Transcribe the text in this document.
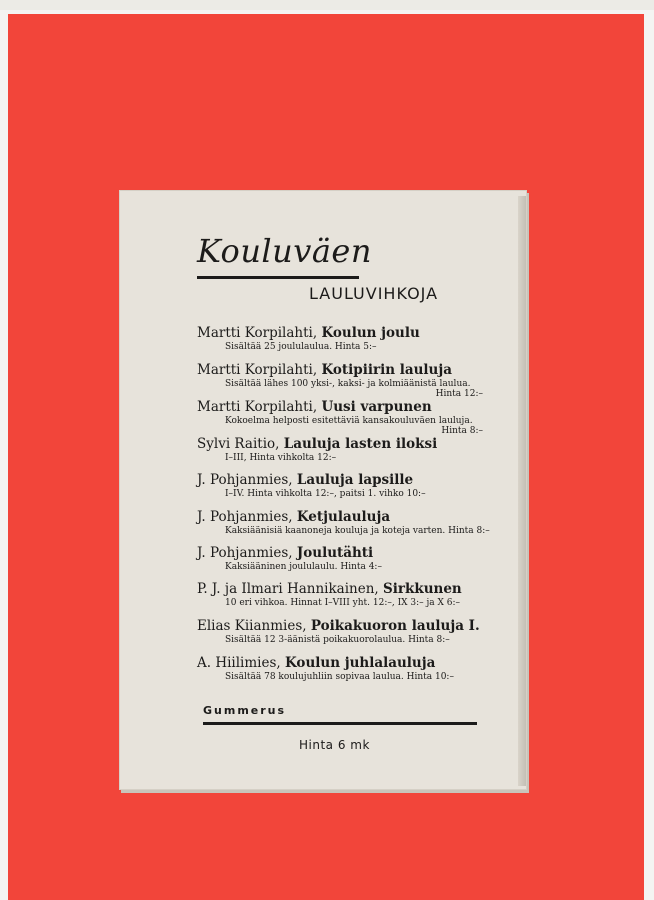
Kouluväen
LAULUVIHKOJA
Martti Korpilahti, Koulun joulu
Sisältää 25 joululaulua. Hinta 5:–
Martti Korpilahti, Kotipiirin lauluja
Sisältää lähes 100 yksi-, kaksi- ja kolmiäänistä laulua.
Hinta 12:–
Martti Korpilahti, Uusi varpunen
Kokoelma helposti esitettäviä kansakouluväen lauluja.
Hinta 8:–
Sylvi Raitio, Lauluja lasten iloksi
I–III, Hinta vihkolta 12:–
J. Pohjanmies, Lauluja lapsille
I–IV. Hinta vihkolta 12:–, paitsi 1. vihko 10:–
J. Pohjanmies, Ketjulauluja
Kaksiäänisiä kaanoneja kouluja ja koteja varten. Hinta 8:–
J. Pohjanmies, Joulutähti
Kaksiääninen joululaulu. Hinta 4:–
P. J. ja Ilmari Hannikainen, Sirkkunen
10 eri vihkoa. Hinnat I–VIII yht. 12:–, IX 3:– ja X 6:–
Elias Kiianmies, Poikakuoron lauluja I.
Sisältää 12 3-äänistä poikakuorolaulua. Hinta 8:–
A. Hiilimies, Koulun juhlalauluja
Sisältää 78 koulujuhliin sopivaa laulua. Hinta 10:–
Gummerus
Hinta 6 mk
